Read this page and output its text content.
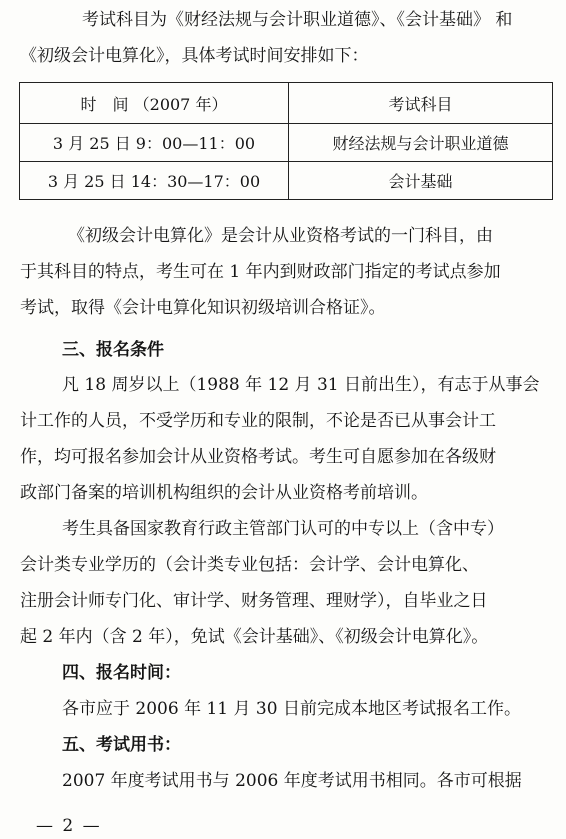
考试科目为《财经法规与会计职业道德》、《会计基础》 和
《初级会计电算化》，具体考试时间安排如下：
时　间 （2007 年）	考试科目
3 月 25 日 9：00—11：00	财经法规与会计职业道德
3 月 25 日 14：30—17：00	会计基础
《初级会计电算化》是会计从业资格考试的一门科目，由
于其科目的特点，考生可在 1 年内到财政部门指定的考试点参加
考试，取得《会计电算化知识初级培训合格证》。
三、报名条件
凡 18 周岁以上（1988 年 12 月 31 日前出生），有志于从事会
计工作的人员，不受学历和专业的限制，不论是否已从事会计工
作，均可报名参加会计从业资格考试。考生可自愿参加在各级财
政部门备案的培训机构组织的会计从业资格考前培训。
考生具备国家教育行政主管部门认可的中专以上（含中专）
会计类专业学历的（会计类专业包括：会计学、会计电算化、
注册会计师专门化、审计学、财务管理、理财学），自毕业之日
起 2 年内（含 2 年），免试《会计基础》、《初级会计电算化》。
四、报名时间：
各市应于 2006 年 11 月 30 日前完成本地区考试报名工作。
五、考试用书：
2007 年度考试用书与 2006 年度考试用书相同。各市可根据
— 2 —
